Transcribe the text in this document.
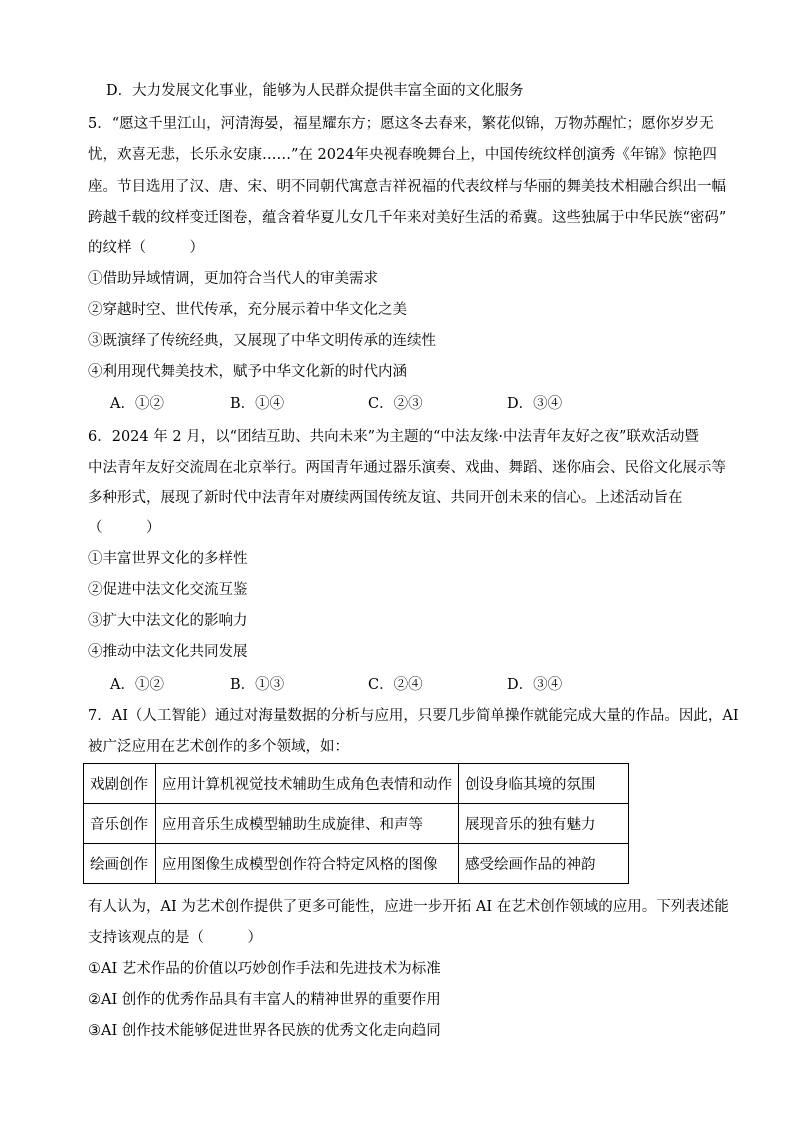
D．大力发展文化事业，能够为人民群众提供丰富全面的文化服务
5．“愿这千里江山，河清海晏，福星耀东方；愿这冬去春来，繁花似锦，万物苏醒忙；愿你岁岁无
忧，欢喜无悲，长乐永安康……”在 2024年央视春晚舞台上，中国传统纹样创演秀《年锦》惊艳四
座。节目选用了汉、唐、宋、明不同朝代寓意吉祥祝福的代表纹样与华丽的舞美技术相融合织出一幅
跨越千载的纹样变迁图卷，蕴含着华夏儿女几千年来对美好生活的希冀。这些独属于中华民族“密码”
的纹样（　　　）
①借助异域情调，更加符合当代人的审美需求
②穿越时空、世代传承，充分展示着中华文化之美
③既演绎了传统经典，又展现了中华文明传承的连续性
④利用现代舞美技术，赋予中华文化新的时代内涵
A．①②	B．①④	C．②③	D．③④
6．2024 年 2 月，以“团结互助、共向未来”为主题的“中法友缘·中法青年友好之夜”联欢活动暨
中法青年友好交流周在北京举行。两国青年通过器乐演奏、戏曲、舞蹈、迷你庙会、民俗文化展示等
多种形式，展现了新时代中法青年对赓续两国传统友谊、共同开创未来的信心。上述活动旨在
（　　　）
①丰富世界文化的多样性
②促进中法文化交流互鉴
③扩大中法文化的影响力
④推动中法文化共同发展
A．①②	B．①③	C．②④	D．③④
7．AI（人工智能）通过对海量数据的分析与应用，只要几步简单操作就能完成大量的作品。因此，AI
被广泛应用在艺术创作的多个领域，如：
戏剧创作	应用计算机视觉技术辅助生成角色表情和动作	创设身临其境的氛围
音乐创作	应用音乐生成模型辅助生成旋律、和声等	展现音乐的独有魅力
绘画创作	应用图像生成模型创作符合特定风格的图像	感受绘画作品的神韵
有人认为，AI 为艺术创作提供了更多可能性，应进一步开拓 AI 在艺术创作领域的应用。下列表述能
支持该观点的是（　　　）
①AI 艺术作品的价值以巧妙创作手法和先进技术为标准
②AI 创作的优秀作品具有丰富人的精神世界的重要作用
③AI 创作技术能够促进世界各民族的优秀文化走向趋同
